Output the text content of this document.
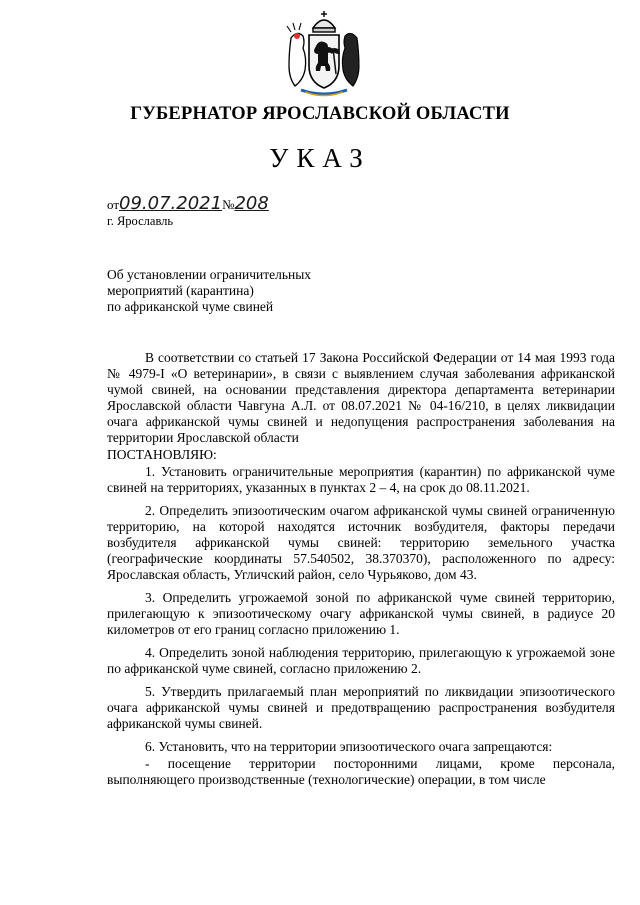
ГУБЕРНАТОР ЯРОСЛАВСКОЙ ОБЛАСТИ
УКАЗ
от09.07.2021№208
г. Ярославль
Об установлении ограничительных
мероприятий (карантина)
по африканской чуме свиней

В соответствии со статьей 17 Закона Российской Федерации от 14 мая 1993 года № 4979-I «О ветеринарии», в связи с выявлением случая заболевания африканской чумой свиней, на основании представления директора департамента ветеринарии Ярославской области Чавгуна А.Л. от 08.07.2021 № 04-16/210, в целях ликвидации очага африканской чумы свиней и недопущения распространения заболевания на территории Ярославской области

ПОСТАНОВЛЯЮ:

1. Установить ограничительные мероприятия (карантин) по африканской чуме свиней на территориях, указанных в пунктах 2 – 4, на срок до 08.11.2021.

2. Определить эпизоотическим очагом африканской чумы свиней ограниченную территорию, на которой находятся источник возбудителя, факторы передачи возбудителя африканской чумы свиней: территорию земельного участка (географические координаты 57.540502, 38.370370), расположенного по адресу: Ярославская область, Угличский район, село Чурьяково, дом 43.

3. Определить угрожаемой зоной по африканской чуме свиней территорию, прилегающую к эпизоотическому очагу африканской чумы свиней, в радиусе 20 километров от его границ согласно приложению 1.

4. Определить зоной наблюдения территорию, прилегающую к угрожаемой зоне по африканской чуме свиней, согласно приложению 2.

5. Утвердить прилагаемый план мероприятий по ликвидации эпизоотического очага африканской чумы свиней и предотвращению распространения возбудителя африканской чумы свиней.

6. Установить, что на территории эпизоотического очага запрещаются:

- посещение территории посторонними лицами, кроме персонала, выполняющего производственные (технологические) операции, в том числе
